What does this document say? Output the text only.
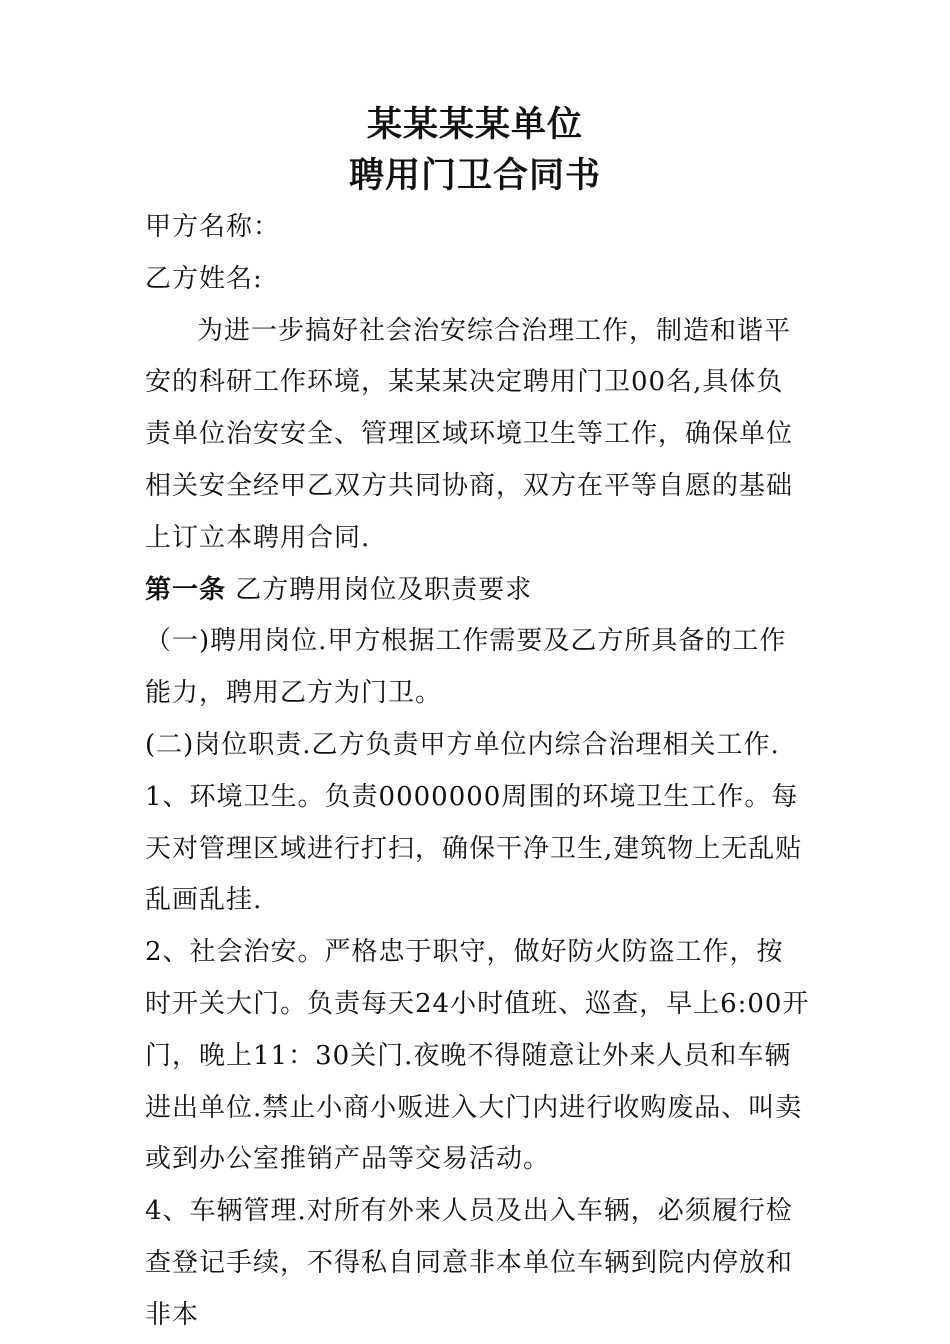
某某某某单位
聘用门卫合同书

甲方名称：

乙方姓名:

为进一步搞好社会治安综合治理工作，制造和谐平安的科研工作环境，某某某决定聘用门卫00名,具体负责单位治安安全、管理区域环境卫生等工作，确保单位相关安全经甲乙双方共同协商，双方在平等自愿的基础上订立本聘用合同.

第一条 乙方聘用岗位及职责要求

（一)聘用岗位.甲方根据工作需要及乙方所具备的工作能力，聘用乙方为门卫。

(二)岗位职责.乙方负责甲方单位内综合治理相关工作.

1、环境卫生。负责0000000周围的环境卫生工作。每天对管理区域进行打扫，确保干净卫生,建筑物上无乱贴乱画乱挂.

2、社会治安。严格忠于职守，做好防火防盗工作，按时开关大门。负责每天24小时值班、巡查，早上6:00开门，晚上11：30关门.夜晚不得随意让外来人员和车辆进出单位.禁止小商小贩进入大门内进行收购废品、叫卖或到办公室推销产品等交易活动。

4、车辆管理.对所有外来人员及出入车辆，必须履行检查登记手续，不得私自同意非本单位车辆到院内停放和非本
